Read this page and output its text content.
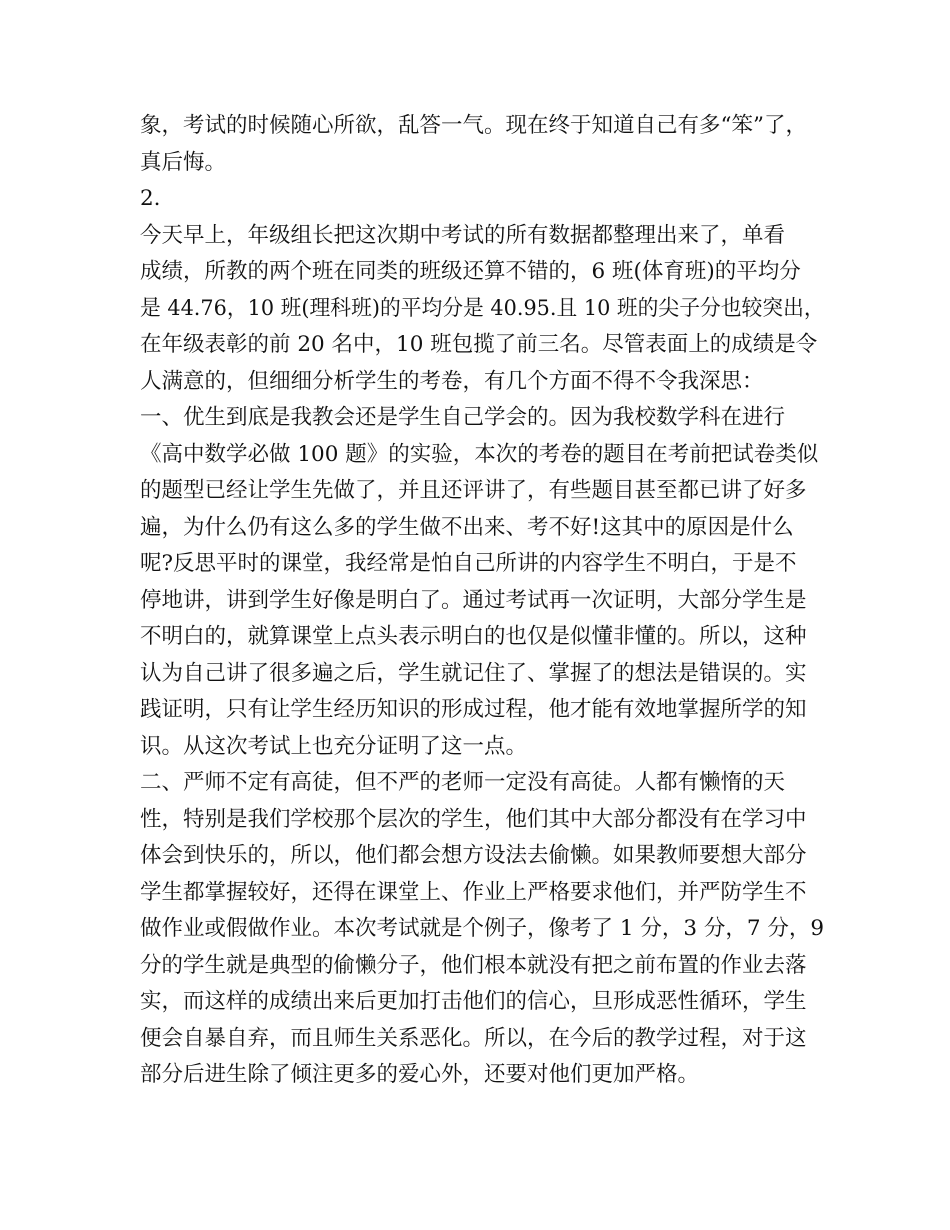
象，考试的时候随心所欲，乱答一气。现在终于知道自己有多“笨”了，
真后悔。
2.
今天早上，年级组长把这次期中考试的所有数据都整理出来了，单看
成绩，所教的两个班在同类的班级还算不错的，6 班(体育班)的平均分
是 44.76，10 班(理科班)的平均分是 40.95.且 10 班的尖子分也较突出，
在年级表彰的前 20 名中，10 班包揽了前三名。尽管表面上的成绩是令
人满意的，但细细分析学生的考卷，有几个方面不得不令我深思：
一、优生到底是我教会还是学生自己学会的。因为我校数学科在进行
《高中数学必做 100 题》的实验，本次的考卷的题目在考前把试卷类似
的题型已经让学生先做了，并且还评讲了，有些题目甚至都已讲了好多
遍，为什么仍有这么多的学生做不出来、考不好!这其中的原因是什么
呢?反思平时的课堂，我经常是怕自己所讲的内容学生不明白，于是不
停地讲，讲到学生好像是明白了。通过考试再一次证明，大部分学生是
不明白的，就算课堂上点头表示明白的也仅是似懂非懂的。所以，这种
认为自己讲了很多遍之后，学生就记住了、掌握了的想法是错误的。实
践证明，只有让学生经历知识的形成过程，他才能有效地掌握所学的知
识。从这次考试上也充分证明了这一点。
二、严师不定有高徒，但不严的老师一定没有高徒。人都有懒惰的天
性，特别是我们学校那个层次的学生，他们其中大部分都没有在学习中
体会到快乐的，所以，他们都会想方设法去偷懒。如果教师要想大部分
学生都掌握较好，还得在课堂上、作业上严格要求他们，并严防学生不
做作业或假做作业。本次考试就是个例子，像考了 1 分，3 分，7 分，9
分的学生就是典型的偷懒分子，他们根本就没有把之前布置的作业去落
实，而这样的成绩出来后更加打击他们的信心，旦形成恶性循环，学生
便会自暴自弃，而且师生关系恶化。所以，在今后的教学过程，对于这
部分后进生除了倾注更多的爱心外，还要对他们更加严格。
